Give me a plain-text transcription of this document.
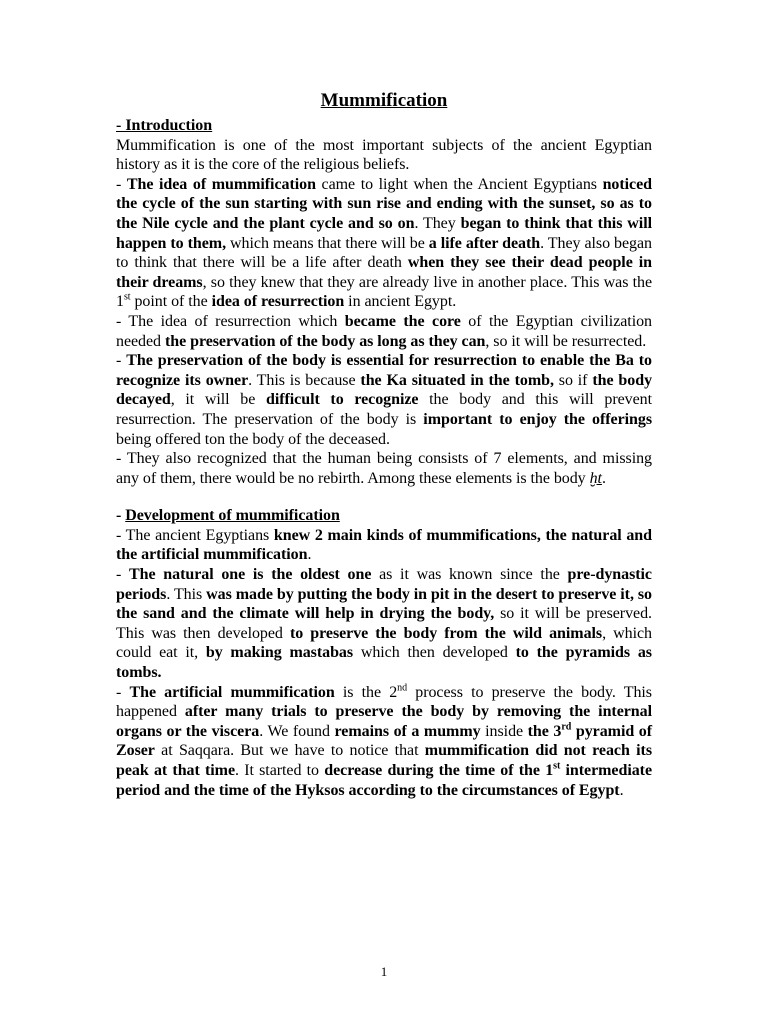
Mummification
- Introduction
Mummification is one of the most important subjects of the ancient Egyptian history as it is the core of the religious beliefs.
- The idea of mummification came to light when the Ancient Egyptians noticed the cycle of the sun starting with sun rise and ending with the sunset, so as to the Nile cycle and the plant cycle and so on. They began to think that this will happen to them, which means that there will be a life after death. They also began to think that there will be a life after death when they see their dead people in their dreams, so they knew that they are already live in another place. This was the 1st point of the idea of resurrection in ancient Egypt.
- The idea of resurrection which became the core of the Egyptian civilization needed the preservation of the body as long as they can, so it will be resurrected.
- The preservation of the body is essential for resurrection to enable the Ba to recognize its owner. This is because the Ka situated in the tomb, so if the body decayed, it will be difficult to recognize the body and this will prevent resurrection. The preservation of the body is important to enjoy the offerings being offered ton the body of the deceased.
- They also recognized that the human being consists of 7 elements, and missing any of them, there would be no rebirth. Among these elements is the body ḫt.
- Development of mummification
- The ancient Egyptians knew 2 main kinds of mummifications, the natural and the artificial mummification.
- The natural one is the oldest one as it was known since the pre-dynastic periods. This was made by putting the body in pit in the desert to preserve it, so the sand and the climate will help in drying the body, so it will be preserved. This was then developed to preserve the body from the wild animals, which could eat it, by making mastabas which then developed to the pyramids as tombs.
- The artificial mummification is the 2nd process to preserve the body. This happened after many trials to preserve the body by removing the internal organs or the viscera. We found remains of a mummy inside the 3rd pyramid of Zoser at Saqqara. But we have to notice that mummification did not reach its peak at that time. It started to decrease during the time of the 1st intermediate period and the time of the Hyksos according to the circumstances of Egypt.
1
